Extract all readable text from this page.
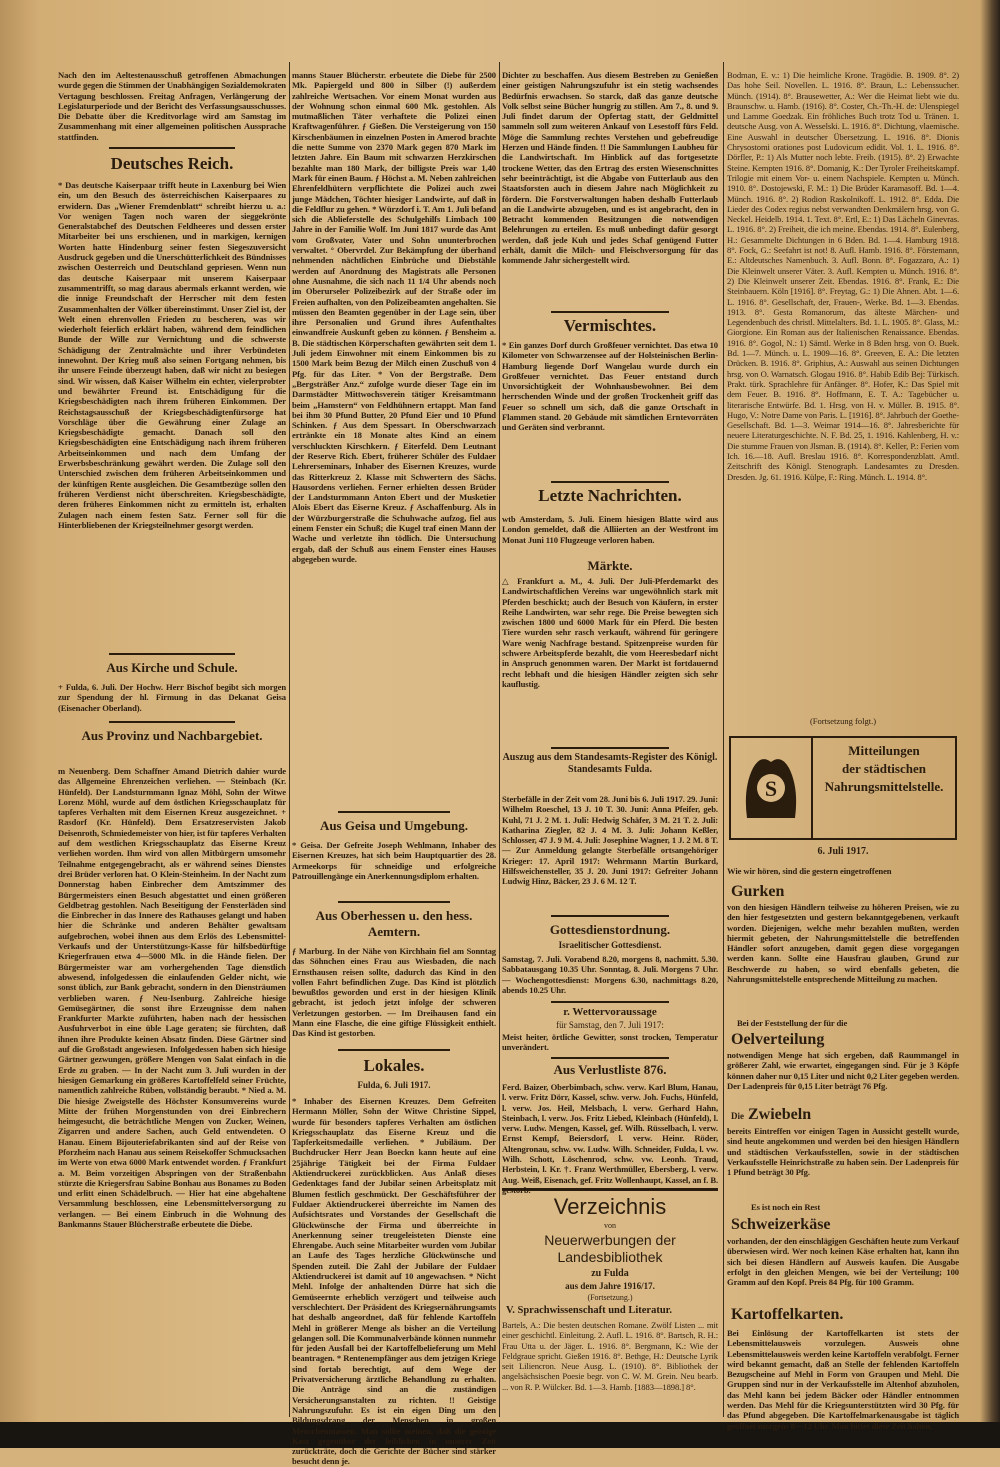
Nach den im Aeltestenausschuß getroffenen Abmachungen wurde gegen die Stimmen der Unabhängigen Sozialdemokraten Vertagung beschlossen. Freitag Anfragen, Verlängerung der Legislaturperiode und der Bericht des Verfassungsausschusses. Die Debatte über die Kreditvorlage wird am Samstag im Zusammenhang mit einer allgemeinen politischen Aussprache stattfinden.
Deutsches Reich.
* Das deutsche Kaiserpaar trifft heute in Laxenburg bei Wien ein, um den Besuch des österreichischen Kaiserpaares zu erwidern. Das „Wiener Fremdenblatt“ schreibt hierzu u. a.: Vor wenigen Tagen noch waren der sieggekrönte Generalstabchef des Deutschen Feldheeres und dessen erster Mitarbeiter bei uns erschienen, und in markigen, kernigen Worten hatte Hindenburg seiner festen Siegeszuversicht Ausdruck gegeben und die Unerschütterlichkeit des Bündnisses zwischen Oesterreich und Deutschland gepriesen. Wenn nun das deutsche Kaiserpaar mit unserem Kaiserpaar zusammentrifft, so mag daraus abermals erkannt werden, wie die innige Freundschaft der Herrscher mit dem festen Zusammenhalten der Völker übereinstimmt. Unser Ziel ist, der Welt einen ehrenvollen Frieden zu bescheren, was wir wiederholt feierlich erklärt haben, während dem feindlichen Bunde der Wille zur Vernichtung und die schwerste Schädigung der Zentralmächte und ihrer Verbündeten innewohnt. Der Krieg muß also seinen Fortgang nehmen, bis ihr unsere Feinde überzeugt haben, daß wir nicht zu besiegen sind. Wir wissen, daß Kaiser Wilhelm ein echter, vielerprobter und bewährter Freund ist. Entschädigung für die Kriegsbeschädigten nach ihrem früheren Einkommen. Der Reichstagsausschuß der Kriegsbeschädigtenfürsorge hat Vorschläge über die Gewährung einer Zulage an Kriegsbeschädigte gemacht. Danach soll den Kriegsbeschädigten eine Entschädigung nach ihrem früheren Arbeitseinkommen und nach dem Umfang der Erwerbsbeschränkung gewährt werden. Die Zulage soll den Unterschied zwischen dem früheren Arbeitseinkommen und der künftigen Rente ausgleichen. Die Gesamtbezüge sollen den früheren Verdienst nicht überschreiten. Kriegsbeschädigte, deren früheres Einkommen nicht zu ermitteln ist, erhalten Zulagen nach einem festen Satz. Ferner soll für die Hinterbliebenen der Kriegsteilnehmer gesorgt werden.
Aus Kirche und Schule.
+ Fulda, 6. Juli. Der Hochw. Herr Bischof begibt sich morgen zur Spendung der hl. Firmung in das Dekanat Geisa (Eisenacher Oberland).
Aus Provinz und Nachbargebiet.
m Neuenberg. Dem Schaffner Amand Dietrich dahier wurde das Allgemeine Ehrenzeichen verliehen. — Steinbach (Kr. Hünfeld). Der Landsturmmann Ignaz Möhl, Sohn der Witwe Lorenz Möhl, wurde auf dem östlichen Kriegsschauplatz für tapferes Verhalten mit dem Eisernen Kreuz ausgezeichnet. + Rasdorf (Kr. Hünfeld). Dem Ersatzreservisten Jakob Deisenroth, Schmiedemeister von hier, ist für tapferes Verhalten auf dem westlichen Kriegsschauplatz das Eiserne Kreuz verliehen worden. Ihm wird von allen Mitbürgern umsomehr Teilnahme entgegengebracht, als er während seines Dienstes drei Brüder verloren hat. O Klein-Steinheim. In der Nacht zum Donnerstag haben Einbrecher dem Amtszimmer des Bürgermeisters einen Besuch abgestattet und einen größeren Geldbetrag gestohlen. Nach Beseitigung der Fensterläden sind die Einbrecher in das Innere des Rathauses gelangt und haben hier die Schränke und anderen Behälter gewaltsam aufgebrochen, wobei ihnen aus dem Erlös des Lebensmittel-Verkaufs und der Unterstützungs-Kasse für hilfsbedürftige Kriegerfrauen etwa 4—5000 Mk. in die Hände fielen. Der Bürgermeister war am vorhergehenden Tage dienstlich abwesend, infolgedessen die einlaufenden Gelder nicht, wie sonst üblich, zur Bank gebracht, sondern in den Diensträumen verblieben waren. ƒ Neu-Isenburg. Zahlreiche hiesige Gemüsegärtner, die sonst ihre Erzeugnisse dem nahen Frankfurter Markte zuführten, haben nach der hessischen Ausfuhrverbot in eine üble Lage geraten; sie fürchten, daß ihnen ihre Produkte keinen Absatz finden. Diese Gärtner sind auf die Großstadt angewiesen. Infolgedessen haben sich hiesige Gärtner gezwungen, größere Mengen von Salat einfach in die Erde zu graben. — In der Nacht zum 3. Juli wurden in der hiesigen Gemarkung ein größeres Kartoffelfeld seiner Früchte, namentlich zahlreiche Rüben, vollständig beraubt. * Nied a. M. Die hiesige Zweigstelle des Höchster Konsumvereins wurde Mitte der frühen Morgenstunden von drei Einbrechern heimgesucht, die beträchtliche Mengen von Zucker, Weinen, Zigarren und andere Sachen, auch Geld entwendeten. O Hanau. Einem Bijouteriefabrikanten sind auf der Reise von Pforzheim nach Hanau aus seinem Reisekoffer Schmucksachen im Werte von etwa 6000 Mark entwendet worden. ƒ Frankfurt a. M. Beim vorzeitigen Abspringen von der Straßenbahn stürzte die Kriegersfrau Sabine Bonhau aus Bonames zu Boden und erlitt einen Schädelbruch. — Hier hat eine abgehaltene Versammlung beschlossen, eine Lebensmittelversorgung zu verlangen. — Bei einem Einbruch in die Wohnung des Bankmanns Stauer Blücherstraße erbeutete die Diebe.
manns Stauer Blücherstr. erbeutete die Diebe für 2500 Mk. Papiergeld und 800 in Silber (!) außerdem zahlreiche Wertsachen. Vor einem Monat wurden aus der Wohnung schon einmal 600 Mk. gestohlen. Als mutmaßlichen Täter verhaftete die Polizei einen Kraftwagenführer. ƒ Gießen. Die Versteigerung von 150 Kirschenbäumen in einzelnen Posten in Amerod brachte die nette Summe von 2370 Mark gegen 870 Mark im letzten Jahre. Ein Baum mit schwarzen Herzkirschen bezahlte man 180 Mark, der billigste Preis war 1,40 Mark für einen Baum. ƒ Höchst a. M. Neben zahlreichen Ehrenfeldhütern verpflichtete die Polizei auch zwei junge Mädchen, Töchter hiesiger Landwirte, auf daß in die Feldflur zu gehen. * Würzdorf i. T. Am 1. Juli befand sich die Ablieferstelle des Schulgehilfs Limbach 100 Jahre in der Familie Wolf. Im Juni 1817 wurde das Amt vom Großvater, Vater und Sohn ununterbrochen verwaltet. ° Obervrdel. Zur Bekämpfung der überhand nehmenden nächtlichen Einbrüche und Diebstähle werden auf Anordnung des Magistrats alle Personen ohne Ausnahme, die sich nach 11 1/4 Uhr abends noch im Oberurseler Polizeibezirk auf der Straße oder im Freien aufhalten, von den Polizeibeamten angehalten. Sie müssen den Beamten gegenüber in der Lage sein, über ihre Personalien und Grund ihres Aufenthaltes einwandfreie Auskunft geben zu können. ƒ Bensheim a. B. Die städtischen Körperschaften gewährten seit dem 1. Juli jedem Einwohner mit einem Einkommen bis zu 1500 Mark beim Bezug der Milch einen Zuschuß von 4 Pfg. für das Liter. * Von der Bergstraße. Dem „Bergsträßer Anz.“ zufolge wurde dieser Tage ein im Darmstädter Mittwochsverein tätiger Kreisamtmann beim „Hamstern“ von Feldhühnern ertappt. Man fand bei ihm 30 Pfund Butter, 20 Pfund Eier und 10 Pfund Schinken. ƒ Aus dem Spessart. In Oberschwarzach ertränkte ein 18 Monate altes Kind an einem verschluckten Kirschkern. ƒ Eiterfeld. Dem Leutnant der Reserve Rich. Ebert, früherer Schüler des Fuldaer Lehrerseminars, Inhaber des Eisernen Kreuzes, wurde das Ritterkreuz 2. Klasse mit Schwertern des Sächs. Hausordens verliehen. Ferner erhielten dessen Brüder der Landsturmmann Anton Ebert und der Musketier Alois Ebert das Eiserne Kreuz. ƒ Aschaffenburg. Als in der Würzburgerstraße die Schuhwache aufzog, fiel aus einem Fenster ein Schuß; die Kugel traf einen Mann der Wache und verletzte ihn tödlich. Die Untersuchung ergab, daß der Schuß aus einem Fenster eines Hauses abgegeben wurde.
Aus Geisa und Umgebung.
* Geisa. Der Gefreite Joseph Wehlmann, Inhaber des Eisernen Kreuzes, hat sich beim Hauptquartier des 28. Armeekorps für schneidige und erfolgreiche Patrouillengänge ein Anerkennungsdiplom erhalten.
Aus Oberhessen u. den hess. Aemtern.
ƒ Marburg. In der Nähe von Kirchhain fiel am Sonntag das Söhnchen eines Frau aus Wiesbaden, die nach Ernsthausen reisen sollte, dadurch das Kind in den vollen Fahrt befindlichen Zuge. Das Kind ist plötzlich bewußtlos geworden und erst in der hiesigen Klinik gebracht, ist jedoch jetzt infolge der schweren Verletzungen gestorben. — Im Dreihausen fand ein Mann eine Flasche, die eine giftige Flüssigkeit enthielt. Das Kind ist gestorben.
Lokales.
Fulda, 6. Juli 1917.
* Inhaber des Eisernen Kreuzes. Dem Gefreiten Hermann Möller, Sohn der Witwe Christine Sippel, wurde für besonders tapferes Verhalten am östlichen Kriegsschauplatz das Eiserne Kreuz und die Tapferkeitsmedaille verliehen. * Jubiläum. Der Buchdrucker Herr Jean Boeckn kann heute auf eine 25jährige Tätigkeit bei der Firma Fuldaer Aktiendruckerei zurückblicken. Aus Anlaß dieses Gedenktages fand der Jubilar seinen Arbeitsplatz mit Blumen festlich geschmückt. Der Geschäftsführer der Fuldaer Aktiendruckerei überreichte im Namen des Aufsichtsrates und Vorstandes der Gesellschaft die Glückwünsche der Firma und überreichte in Anerkennung seiner treugeleisteten Dienste eine Ehrengabe. Auch seine Mitarbeiter wurden vom Jubilar an Laufe des Tages herzliche Glückwünsche und Spenden zuteil. Die Zahl der Jubilare der Fuldaer Aktiendruckerei ist damit auf 10 angewachsen. * Nicht Mehl. Infolge der anhaltenden Dürre hat sich die Gemüseernte erheblich verzögert und teilweise auch verschlechtert. Der Präsident des Kriegsernährungsamts hat deshalb angeordnet, daß für fehlende Kartoffeln Mehl in größerer Menge als bisher an die Verteilung gelangen soll. Die Kommunalverbände können nunmehr für jeden Ausfall bei der Kartoffelbelieferung um Mehl beantragen. * Rentenempfänger aus dem jetzigen Kriege sind fortab berechtigt, auf dem Wege der Privatversicherung ärztliche Behandlung zu erhalten. Die Anträge sind an die zuständigen Versicherungsanstalten zu richten. !! Geistige Nahrungszufuhr. Es ist ein eigen Ding um den Bildungsdrang der Menschen in großen Menschenmassen. Man sollte meinen, daß die geistige Kost gegenüber der leiblichen in unserer Zeit zurückträte, doch die Gerichte der Bücher sind stärker besucht denn je.
Dichter zu beschaffen. Aus diesem Bestreben zu Genießen einer geistigen Nahrungszufuhr ist ein stetig wachsendes Bedürfnis erwachsen. So starck, daß das ganze deutsche Volk selbst seine Bücher hungrig zu stillen. Am 7., 8. und 9. Juli findet darum der Opfertag statt, der Geldmittel sammeln soll zum weiteren Ankauf von Lesestoff fürs Feld. Möge die Sammlung rechtes Verstehen und gebefreudige Herzen und Hände finden. !! Die Sammlungen Laubheu für die Landwirtschaft. Im Hinblick auf das fortgesetzte trockene Wetter, das den Ertrag des ersten Wiesenschnittes sehr beeinträchtigt, ist die Abgabe von Futterlaub aus den Staatsforsten auch in diesem Jahre nach Möglichkeit zu fördern. Die Forstverwaltungen haben deshalb Futterlaub an die Landwirte abzugeben, und es ist angebracht, den in Betracht kommenden Besitzungen die notwendigen Belehrungen zu erteilen. Es muß unbedingt dafür gesorgt werden, daß jede Kuh und jedes Schaf genügend Futter erhält, damit die Milch- und Fleischversorgung für das kommende Jahr sichergestellt wird.
Vermischtes.
* Ein ganzes Dorf durch Großfeuer vernichtet. Das etwa 10 Kilometer von Schwarzensee auf der Holsteinischen Berlin-Hamburg liegende Dorf Wangelau wurde durch ein Großfeuer vernichtet. Das Feuer entstand durch Unvorsichtigkeit der Wohnhausbewohner. Bei dem herrschenden Winde und der großen Trockenheit griff das Feuer so schnell um sich, daß die ganze Ortschaft in Flammen stand. 20 Gebäude mit sämtlichen Erntevorräten und Geräten sind verbrannt.
Letzte Nachrichten.
wtb Amsterdam, 5. Juli. Einem hiesigen Blatte wird aus London gemeldet, daß die Alliierten an der Westfront im Monat Juni 110 Flugzeuge verloren haben.
Märkte.
△ Frankfurt a. M., 4. Juli. Der Juli-Pferdemarkt des Landwirtschaftlichen Vereins war ungewöhnlich stark mit Pferden beschickt; auch der Besuch von Käufern, in erster Reihe Landwirten, war sehr rege. Die Preise bewegten sich zwischen 1800 und 6000 Mark für ein Pferd. Die besten Tiere wurden sehr rasch verkauft, während für geringere Ware wenig Nachfrage bestand. Spitzenpreise wurden für schwere Arbeitspferde bezahlt, die vom Heeresbedarf nicht in Anspruch genommen waren. Der Markt ist fortdauernd recht lebhaft und die hiesigen Händler zeigten sich sehr kauflustig.
Auszug aus dem Standesamts-Register des Königl. Standesamts Fulda.
Sterbefälle in der Zeit vom 28. Juni bis 6. Juli 1917. 29. Juni: Wilhelm Roeschel, 13 J. 10 T. 30. Juni: Anna Pfeifer, geb. Kuhl, 71 J. 2 M. 1. Juli: Hedwig Schäfer, 3 M. 21 T. 2. Juli: Katharina Ziegler, 82 J. 4 M. 3. Juli: Johann Keßler, Schlosser, 47 J. 9 M. 4. Juli: Josephine Wagner, 1 J. 2 M. 8 T. — Zur Anmeldung gelangte Sterbefälle ortsangehöriger Krieger: 17. April 1917: Wehrmann Martin Burkard, Hilfsweichensteller, 35 J. 20. Juni 1917: Gefreiter Johann Ludwig Hinz, Bäcker, 23 J. 6 M. 12 T.
Gottesdienstordnung.
Israelitischer Gottesdienst.
Samstag, 7. Juli. Vorabend 8.20, morgens 8, nachmitt. 5.30. Sabbatausgang 10.35 Uhr. Sonntag, 8. Juli. Morgens 7 Uhr. — Wochengottesdienst: Morgens 6.30, nachmittags 8.20, abends 10.25 Uhr.
r. Wettervoraussage
für Samstag, den 7. Juli 1917:
Meist heiter, örtliche Gewitter, sonst trocken, Temperatur unverändert.
Aus Verlustliste 876.
Ferd. Baizer, Oberbimbach, schw. verw. Karl Blum, Hanau, l. verw. Fritz Dörr, Kassel, schw. verw. Joh. Fuchs, Hünfeld, l. verw. Jos. Heil, Melsbach, l. verw. Gerhard Hahn, Steinbach, l. verw. Jos. Fritz Liebed, Kleinbach (Hünfeld), l. verw. Ludw. Mengen, Kassel, gef. Wilh. Rüsselbach, l. verw. Ernst Kempf, Beiersdorf, l. verw. Heinr. Röder, Altengronau, schw. vw. Ludw. Wilh. Schneider, Fulda, l. vw. Wilh. Schott, Löschenrod, schw. vw. Leonh. Traud, Herbstein, l. Kr. †. Franz Werthmüller, Ebersberg, l. verw. Aug. Weiß, Eisenach, gef. Fritz Wollenhaupt, Kassel, an f. B. gestorb.
Verzeichnis
von
Neuerwerbungen der Landesbibliothek
zu Fulda
aus dem Jahre 1916/17.
(Fortsetzung.)
V. Sprachwissenschaft und Literatur.
Bartels, A.: Die besten deutschen Romane. Zwölf Listen ... mit einer geschichtl. Einleitung. 2. Aufl. L. 1916. 8°. Bartsch, R. H.: Frau Utta u. der Jäger. L. 1916. 8°. Bergmann, K.: Wie der Feldgraue spricht. Gießen 1916. 8°. Bethge, H.: Deutsche Lyrik seit Liliencron. Neue Ausg. L. (1910). 8°. Bibliothek der angelsächsischen Poesie begr. von C. W. M. Grein. Neu bearb. ... von R. P. Wülcker. Bd. 1—3. Hamb. [1883—1898.] 8°.
Bodman, E. v.: 1) Die heimliche Krone. Tragödie. B. 1909. 8°. 2) Das hohe Seil. Novellen. L. 1916. 8°. Braun, L.: Lebenssucher. Münch. (1914). 8°. Brausewetter, A.: Wer die Heimat liebt wie du. Braunschw. u. Hamb. (1916). 8°. Coster, Ch.-Th.-H. de: Ulenspiegel und Lamme Goedzak. Ein fröhliches Buch trotz Tod u. Tränen. 1. deutsche Ausg. von A. Wesselski. L. 1916. 8°. Dichtung, vlaemische. Eine Auswahl in deutscher Übersetzung. L. 1916. 8°. Dionis Chrysostomi orationes post Ludovicum edidit. Vol. 1. L. 1916. 8°. Dörfler, P.: 1) Als Mutter noch lebte. Freib. (1915). 8°. 2) Erwachte Steine. Kempten 1916. 8°. Domanig, K.: Der Tyroler Freiheitskampf. Trilogie mit einem Vor- u. einem Nachspiele. Kempten u. Münch. 1910. 8°. Dostojewski, F. M.: 1) Die Brüder Karamasoff. Bd. 1—4. Münch. 1916. 8°. 2) Rodion Raskolnikoff. L. 1912. 8°. Edda. Die Lieder des Codex regius nebst verwandten Denkmälern hrsg. von G. Neckel. Heidelb. 1914. 1. Text. 8°. Ertl, E.: 1) Das Lächeln Ginevras. L. 1916. 8°. 2) Freiheit, die ich meine. Ebendas. 1914. 8°. Eulenberg, H.: Gesammelte Dichtungen in 6 Bden. Bd. 1—4. Hamburg 1918. 8°. Fock, G.: Seefahrt ist not! 8. Aufl. Hamb. 1916. 8°. Förstemann, E.: Altdeutsches Namenbuch. 3. Aufl. Bonn. 8°. Fogazzaro, A.: 1) Die Kleinwelt unserer Väter. 3. Aufl. Kempten u. Münch. 1916. 8°. 2) Die Kleinwelt unserer Zeit. Ebendas. 1916. 8°. Frank, E.: Die Steinbauern. Köln [1916]. 8°. Freytag, G.: 1) Die Ahnen. Abt. 1—6. L. 1916. 8°. Gesellschaft, der, Frauen-, Werke. Bd. 1—3. Ebendas. 1913. 8°. Gesta Romanorum, das älteste Märchen- und Legendenbuch des christl. Mittelalters. Bd. 1. L. 1905. 8°. Glass, M.: Giorgione. Ein Roman aus der Italienischen Renaissance. Ebendas. 1916. 8°. Gogol, N.: 1) Sämtl. Werke in 8 Bden hrsg. von O. Buek. Bd. 1—7. Münch. u. L. 1909—16. 8°. Greeven, E. A.: Die letzten Drücken. B. 1916. 8°. Griphius, A.: Auswahl aus seinen Dichtungen hrsg. von O. Warnatsch. Glogau 1916. 8°. Habib Edib Bej: Türkisch. Prakt. türk. Sprachlehre für Anfänger. 8°. Hofer, K.: Das Spiel mit dem Feuer. B. 1916. 8°. Hoffmann, E. T. A.: Tagebücher u. literarische Entwürfe. Bd. 1. Hrsg. von H. v. Müller. B. 1915. 8°. Hugo, V.: Notre Dame von Paris. L. [1916]. 8°. Jahrbuch der Goethe-Gesellschaft. Bd. 1—3. Weimar 1914—16. 8°. Jahresberichte für neuere Literaturgeschichte. N. F. Bd. 25, 1. 1916. Kahlenberg, H. v.: Die stumme Frauen von Jlsman. B. (1914). 8°. Keller, P.: Ferien vom Ich. 16.—18. Aufl. Breslau 1916. 8°. Korrespondenzblatt. Amtl. Zeitschrift des Königl. Stenograph. Landesamtes zu Dresden. Dresden. Jg. 61. 1916. Külpe, F.: Ring. Münch. L. 1914. 8°.
(Fortsetzung folgt.)
S
Mitteilungen
der städtischen
Nahrungsmittelstelle.
6. Juli 1917.
Wie wir hören, sind die gestern eingetroffenen
Gurken
von den hiesigen Händlern teilweise zu höheren Preisen, wie zu den hier festgesetzten und gestern bekanntgegebenen, verkauft worden. Diejenigen, welche mehr bezahlen mußten, werden hiermit gebeten, der Nahrungsmittelstelle die betreffenden Händler sofort anzugeben, damit gegen diese vorgegangen werden kann. Sollte eine Hausfrau glauben, Grund zur Beschwerde zu haben, so wird ebenfalls gebeten, die Nahrungsmittelstelle entsprechende Mitteilung zu machen.
Bei der Feststellung der für die
Oelverteilung
notwendigen Menge hat sich ergeben, daß Raummangel in größerer Zahl, wie erwartet, eingegangen sind. Für je 3 Köpfe können daher nur 0,15 Liter und nicht 0,2 Liter gegeben werden. Der Ladenpreis für 0,15 Liter beträgt 76 Pfg.
Die Zwiebeln
bereits Eintreffen vor einigen Tagen in Aussicht gestellt wurde, sind heute angekommen und werden bei den hiesigen Händlern und städtischen Verkaufsstellen, sowie in der städtischen Verkaufsstelle Heinrichstraße zu haben sein. Der Ladenpreis für 1 Pfund beträgt 30 Pfg.
Es ist noch ein Rest
Schweizerkäse
vorhanden, der den einschlägigen Geschäften heute zum Verkauf überwiesen wird. Wer noch keinen Käse erhalten hat, kann ihn sich bei diesen Händlern auf Ausweis kaufen. Die Ausgabe erfolgt in den gleichen Mengen, wie bei der Verteilung; 100 Gramm auf den Kopf. Preis 84 Pfg. für 100 Gramm.
Kartoffelkarten.
Bei Einlösung der Kartoffelkarten ist stets der Lebensmittelausweis vorzulegen. Ausweis ohne Lebensmittelausweis werden keine Kartoffeln verabfolgt. Ferner wird bekannt gemacht, daß an Stelle der fehlenden Kartoffeln Bezugscheine auf Mehl in Form von Graupen und Mehl. Die Gruppen sind nur in der Verkaufsstelle im Altenhof abzuholen, das Mehl kann bei jedem Bäcker oder Händler entnommen werden. Das Mehl für die Kriegsunterstützten wird 30 Pfg. für das Pfund abgegeben. Die Kartoffelmarkenausgabe ist täglich geöffnet morgens 8—12 Uhr. Man bittet diese Zeit halten.
